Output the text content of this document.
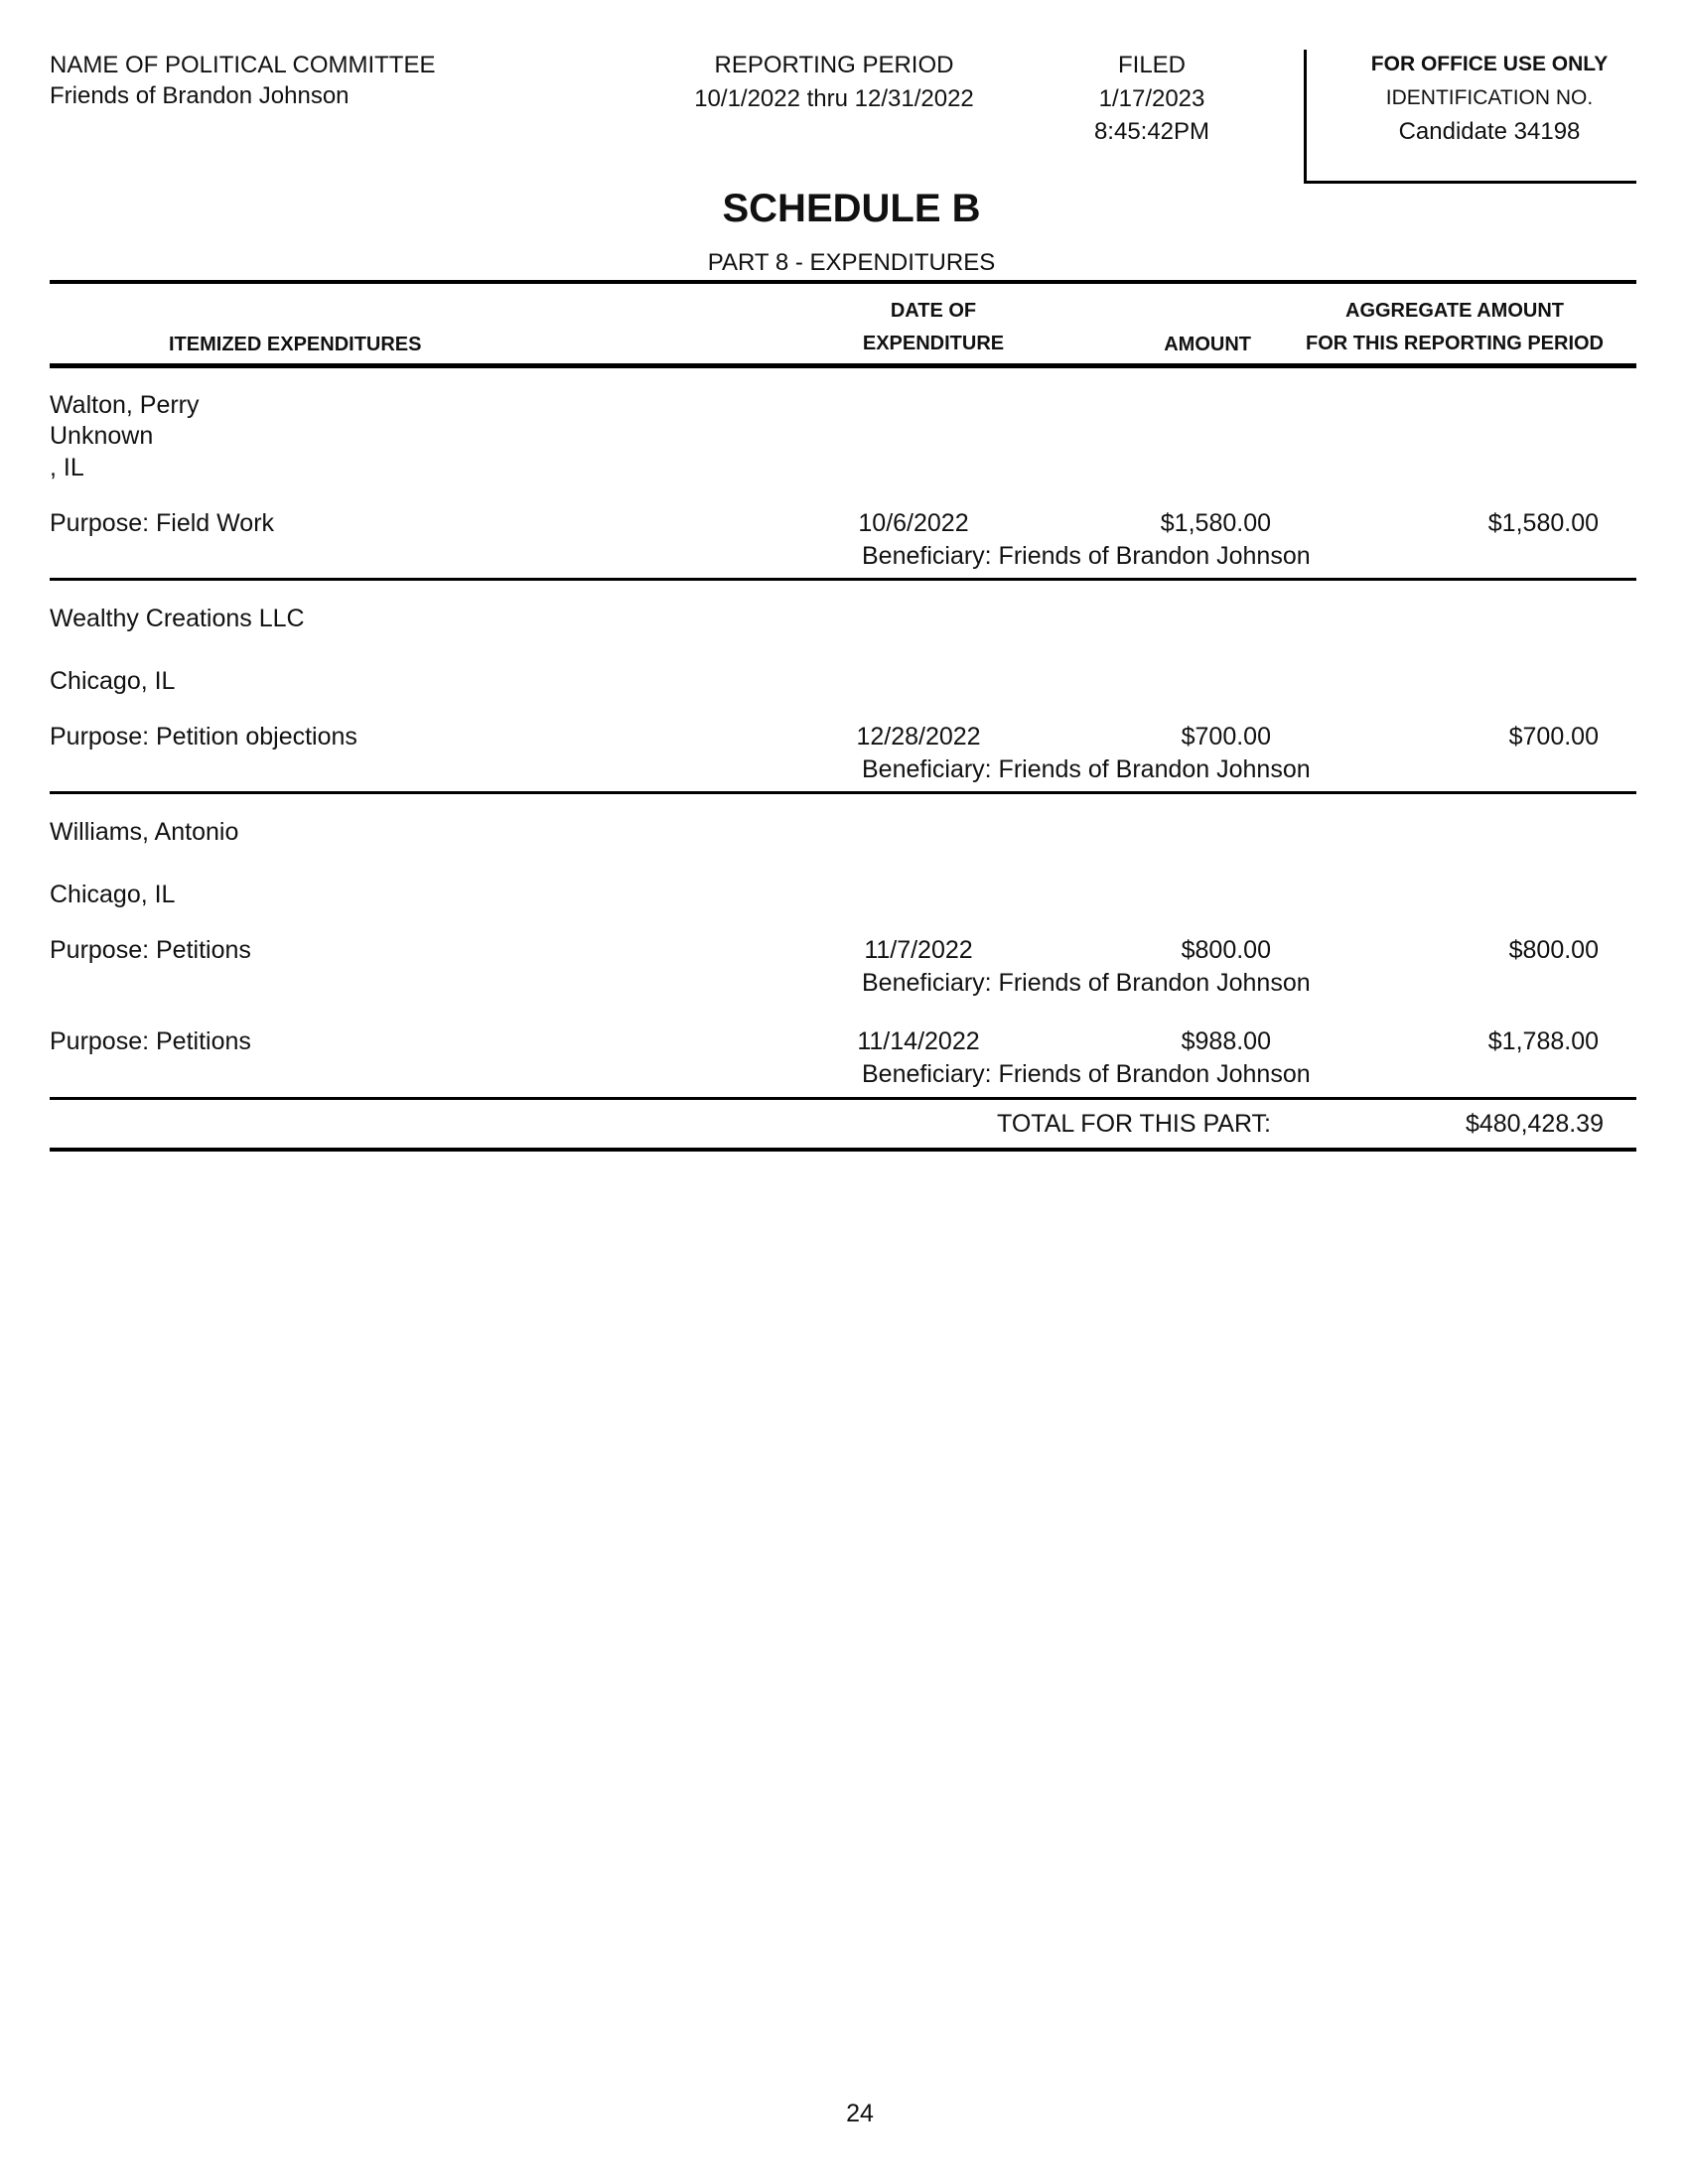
NAME OF POLITICAL COMMITTEE
Friends of Brandon Johnson
REPORTING PERIOD
10/1/2022 thru 12/31/2022
FILED
1/17/2023
8:45:42PM
FOR OFFICE USE ONLY
IDENTIFICATION NO.
Candidate 34198
SCHEDULE B
PART 8 - EXPENDITURES
ITEMIZED EXPENDITURES
DATE OF
EXPENDITURE	AMOUNT
AGGREGATE AMOUNT
FOR THIS REPORTING PERIOD
Walton, Perry
Unknown
, IL
Purpose: Field Work	10/6/2022	$1,580.00	$1,580.00
Beneficiary: Friends of Brandon Johnson
Wealthy Creations LLC
Chicago, IL
Purpose: Petition objections	12/28/2022	$700.00	$700.00
Beneficiary: Friends of Brandon Johnson
Williams, Antonio
Chicago, IL
Purpose: Petitions	11/7/2022	$800.00	$800.00
Beneficiary: Friends of Brandon Johnson
Purpose: Petitions	11/14/2022	$988.00	$1,788.00
Beneficiary: Friends of Brandon Johnson
TOTAL FOR THIS PART:	$480,428.39
24
